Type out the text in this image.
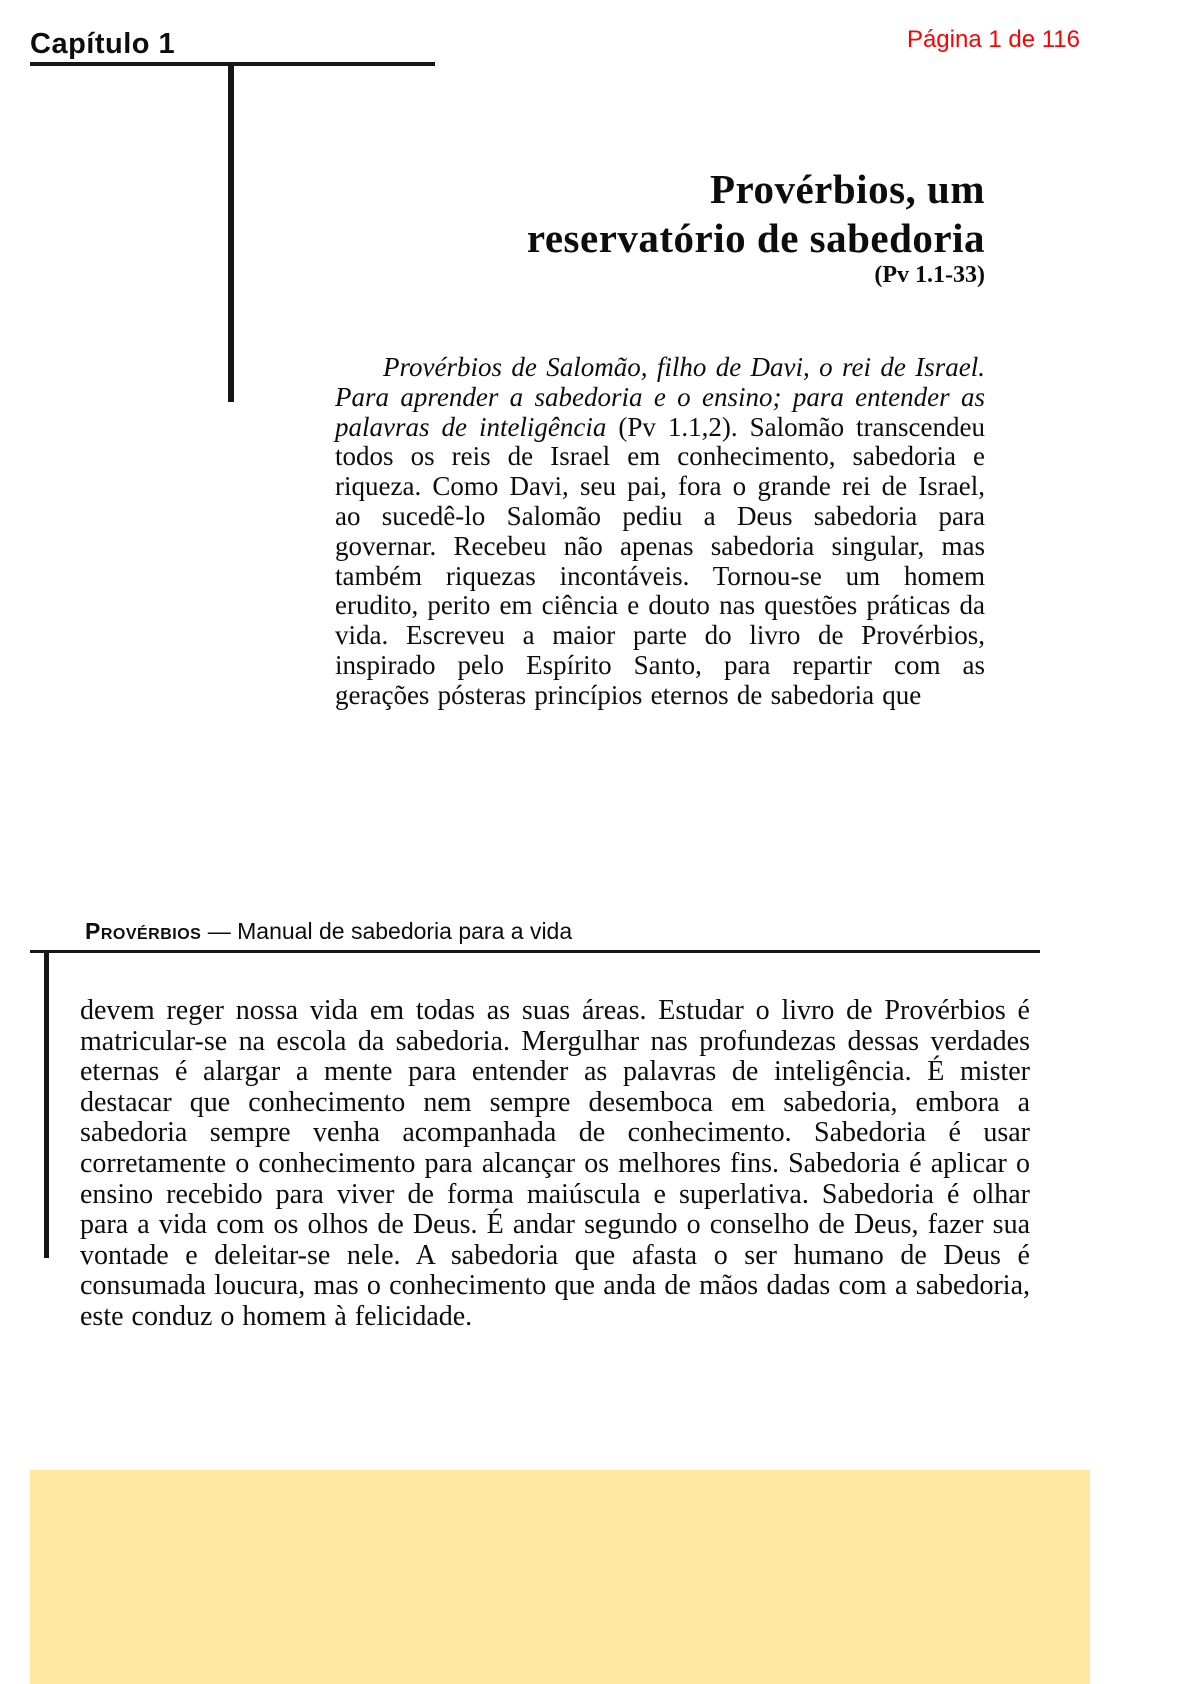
Capítulo 1	Página 1 de 116
Provérbios, um
reservatório de sabedoria
(Pv 1.1-33)

Provérbios de Salomão, filho de Davi, o rei de Israel. Para aprender a sabedoria e o ensino; para entender as palavras de inteligência (Pv 1.1,2). Salomão transcendeu todos os reis de Israel em conhecimento, sabedoria e riqueza. Como Davi, seu pai, fora o grande rei de Israel, ao sucedê-lo Salomão pediu a Deus sabedoria para governar. Recebeu não apenas sabedoria singular, mas também riquezas incontáveis. Tornou-se um homem erudito, perito em ciência e douto nas questões práticas da vida. Escreveu a maior parte do livro de Provérbios, inspirado pelo Espírito Santo, para repartir com as gerações pósteras princípios eternos de sabedoria que

Provérbios — Manual de sabedoria para a vida

devem reger nossa vida em todas as suas áreas. Estudar o livro de Provérbios é matricular-se na escola da sabedoria. Mergulhar nas profundezas dessas verdades eternas é alargar a mente para entender as palavras de inteligência. É mister destacar que conhecimento nem sempre desemboca em sabedoria, embora a sabedoria sempre venha acompanhada de conhecimento. Sabedoria é usar corretamente o conhecimento para alcançar os melhores fins. Sabedoria é aplicar o ensino recebido para viver de forma maiúscula e superlativa. Sabedoria é olhar para a vida com os olhos de Deus. É andar segundo o conselho de Deus, fazer sua vontade e deleitar-se nele. A sabedoria que afasta o ser humano de Deus é consumada loucura, mas o conhecimento que anda de mãos dadas com a sabedoria, este conduz o homem à felicidade.
